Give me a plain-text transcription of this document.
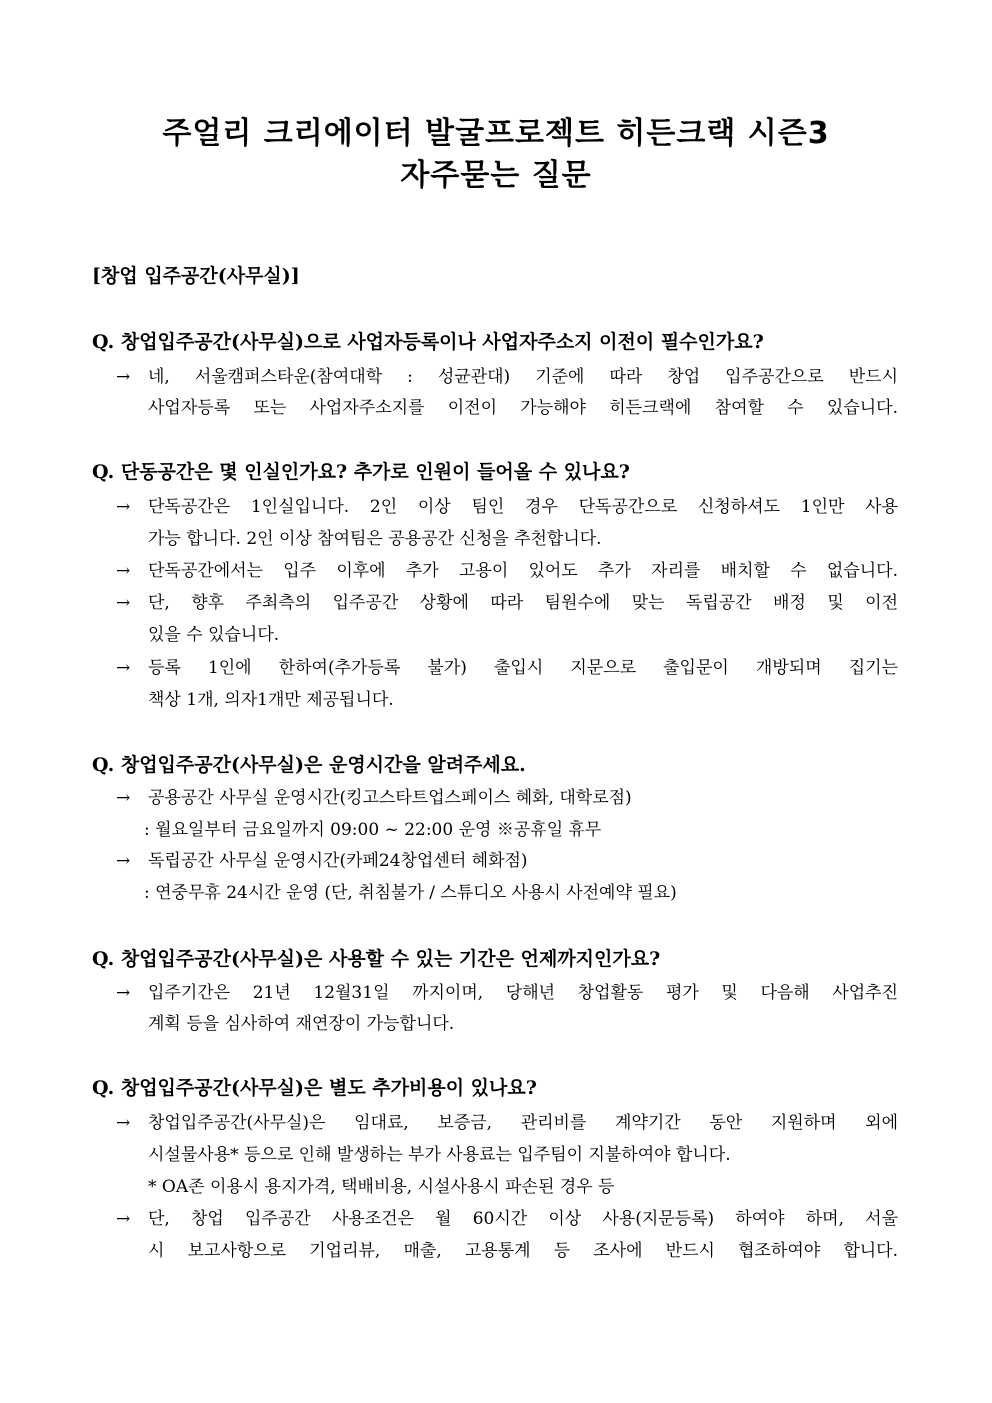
주얼리 크리에이터 발굴프로젝트 히든크랙 시즌3
자주묻는 질문
[창업 입주공간(사무실)]
Q. 창업입주공간(사무실)으로 사업자등록이나 사업자주소지 이전이 필수인가요?
→ 네, 서울캠퍼스타운(참여대학 : 성균관대) 기준에 따라 창업 입주공간으로 반드시
사업자등록 또는 사업자주소지를 이전이 가능해야 히든크랙에 참여할 수 있습니다.
Q. 단동공간은 몇 인실인가요? 추가로 인원이 들어올 수 있나요?
→ 단독공간은 1인실입니다. 2인 이상 팀인 경우 단독공간으로 신청하셔도 1인만 사용
가능 합니다. 2인 이상 참여팀은 공용공간 신청을 추천합니다.
→ 단독공간에서는 입주 이후에 추가 고용이 있어도 추가 자리를 배치할 수 없습니다.
→ 단, 향후 주최측의 입주공간 상황에 따라 팀원수에 맞는 독립공간 배정 및 이전
있을 수 있습니다.
→ 등록 1인에 한하여(추가등록 불가) 출입시 지문으로 출입문이 개방되며 집기는
책상 1개, 의자1개만 제공됩니다.
Q. 창업입주공간(사무실)은 운영시간을 알려주세요.
→ 공용공간 사무실 운영시간(킹고스타트업스페이스 혜화, 대학로점)
: 월요일부터 금요일까지 09:00 ~ 22:00 운영 ※공휴일 휴무
→ 독립공간 사무실 운영시간(카페24창업센터 혜화점)
: 연중무휴 24시간 운영 (단, 취침불가 / 스튜디오 사용시 사전예약 필요)
Q. 창업입주공간(사무실)은 사용할 수 있는 기간은 언제까지인가요?
→ 입주기간은 21년 12월31일 까지이며, 당해년 창업활동 평가 및 다음해 사업추진
계획 등을 심사하여 재연장이 가능합니다.
Q. 창업입주공간(사무실)은 별도 추가비용이 있나요?
→ 창업입주공간(사무실)은 임대료, 보증금, 관리비를 계약기간 동안 지원하며 외에
시설물사용* 등으로 인해 발생하는 부가 사용료는 입주팀이 지불하여야 합니다.
* OA존 이용시 용지가격, 택배비용, 시설사용시 파손된 경우 등
→ 단, 창업 입주공간 사용조건은 월 60시간 이상 사용(지문등록) 하여야 하며, 서울
시 보고사항으로 기업리뷰, 매출, 고용통계 등 조사에 반드시 협조하여야 합니다.
